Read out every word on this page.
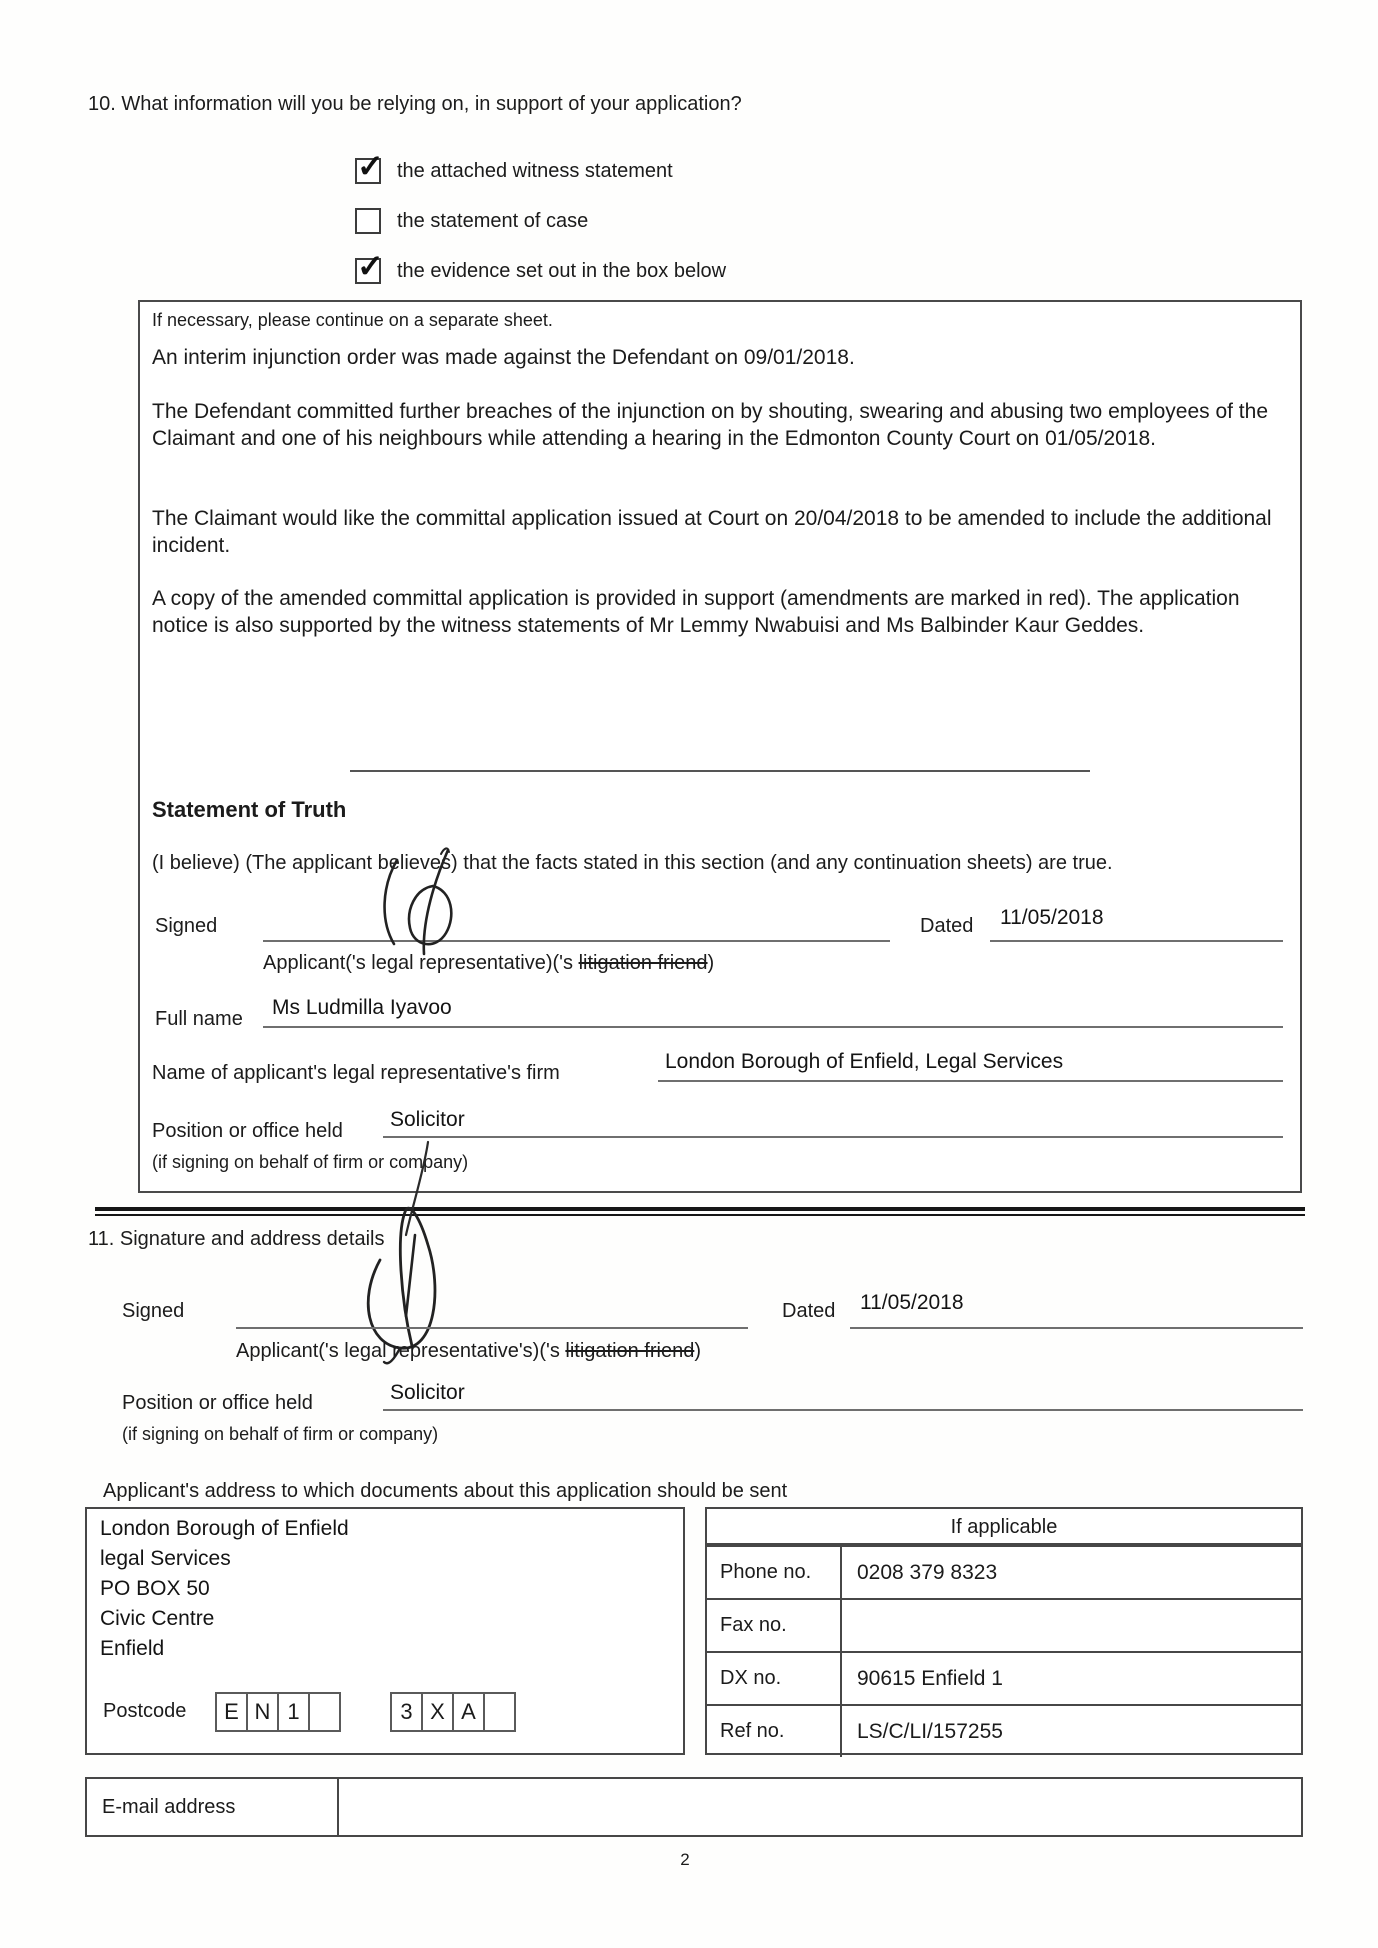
10. What information will you be relying on, in support of your application?
✓ the attached witness statement
the statement of case
✓ the evidence set out in the box below
If necessary, please continue on a separate sheet.
An interim injunction order was made against the Defendant on 09/01/2018.
The Defendant committed further breaches of the injunction on by shouting, swearing and abusing two employees of the Claimant and one of his neighbours while attending a hearing in the Edmonton County Court on 01/05/2018.
The Claimant would like the committal application issued at Court on 20/04/2018 to be amended to include the additional incident.
A copy of the amended committal application is provided in support (amendments are marked in red). The application notice is also supported by the witness statements of Mr Lemmy Nwabuisi and Ms Balbinder Kaur Geddes.
Statement of Truth
(I believe) (The applicant believes) that the facts stated in this section (and any continuation sheets) are true.
Signed	Dated 11/05/2018
Applicant('s legal representative)('s litigation friend)
Full name Ms Ludmilla Iyavoo
Name of applicant's legal representative's firm	London Borough of Enfield, Legal Services
Position or office held Solicitor
(if signing on behalf of firm or company)
11. Signature and address details
Signed	Dated 11/05/2018
Applicant('s legal representative's)('s litigation friend)
Position or office held	Solicitor
(if signing on behalf of firm or company)
Applicant's address to which documents about this application should be sent
London Borough of Enfield
legal Services
PO BOX 50
Civic Centre
Enfield
Postcode	E N 1	3 X A
If applicable
Phone no.	0208 379 8323
Fax no.
DX no.	90615 Enfield 1
Ref no.	LS/C/LI/157255
E-mail address
2
